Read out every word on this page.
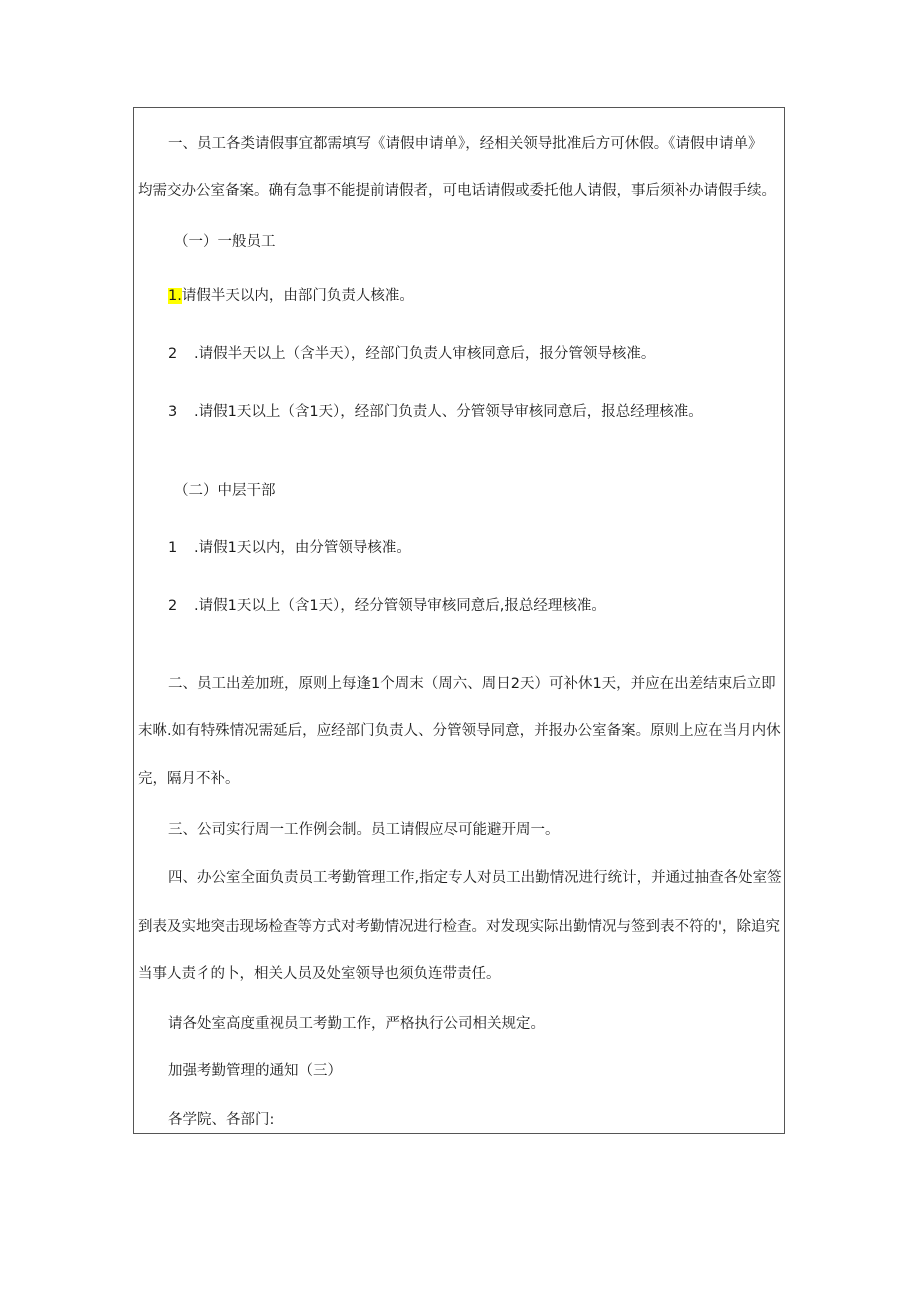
一、员工各类请假事宜都需填写《请假申请单》，经相关领导批准后方可休假。《请假申请单》
均需交办公室备案。确有急事不能提前请假者，可电话请假或委托他人请假，事后须补办请假手续。
（一）一般员工
1.请假半天以内，由部门负责人核准。
2 .请假半天以上（含半天），经部门负责人审核同意后，报分管领导核准。
3 .请假1天以上（含1天），经部门负责人、分管领导审核同意后，报总经理核准。
（二）中层干部
1 .请假1天以内，由分管领导核准。
2 .请假1天以上（含1天），经分管领导审核同意后,报总经理核准。
二、员工出差加班，原则上每逢1个周末（周六、周日2天）可补休1天，并应在出差结束后立即
末咻.如有特殊情况需延后，应经部门负责人、分管领导同意，并报办公室备案。原则上应在当月内休
完，隔月不补。
三、公司实行周一工作例会制。员工请假应尽可能避开周一。
四、办公室全面负责员工考勤管理工作,指定专人对员工出勤情况进行统计，并通过抽查各处室签
到表及实地突击现场检查等方式对考勤情况进行检查。对发现实际出勤情况与签到表不符的'，除追究
当事人责彳的卜，相关人员及处室领导也须负连带责任。
请各处室高度重视员工考勤工作，严格执行公司相关规定。
加强考勤管理的通知（三）
各学院、各部门:
